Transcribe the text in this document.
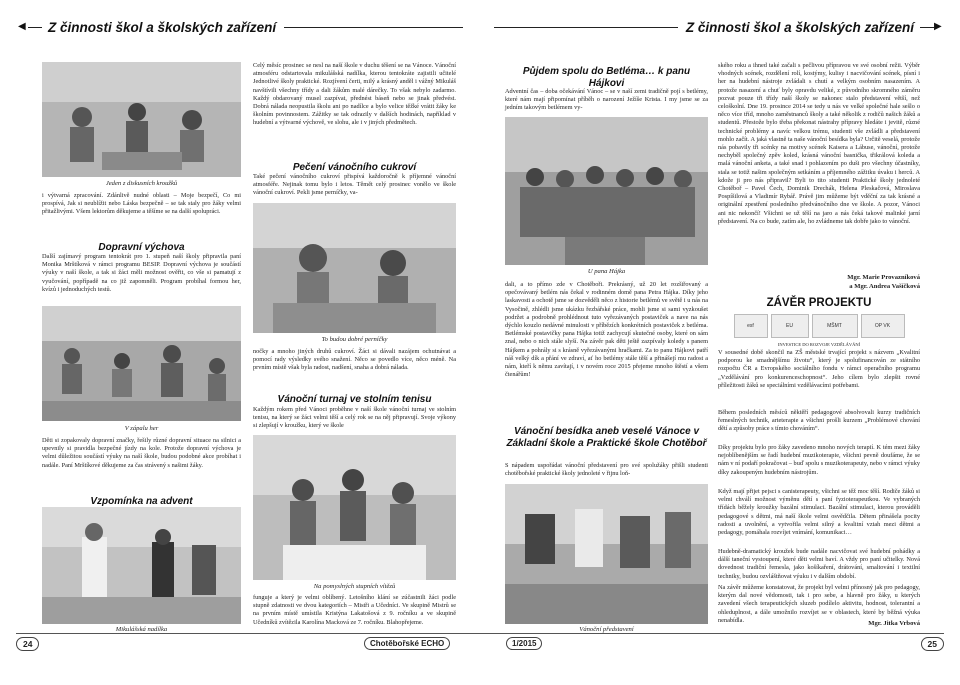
◀ Z činnosti škol a školských zařízení	Z činnosti škol a školských zařízení ▶
Jeden z diskusních kroužků
i výtvarná zpracování. Zdánlivě nudné oblasti – Moje bezpečí, Co mi prospívá, Jak si neublížit nebo Láska bezpečně – se tak staly pro žáky velmi přitažlivými. Všem lektorům děkujeme a těšíme se na další spolupráci.
Dopravní výchova
Další zajímavý program tentokrát pro 1. stupeň naší školy připravila paní Monika Mrštíková v rámci programu BESIP. Dopravní výchova je součástí výuky v naší škole, a tak si žáci měli možnost ověřit, co vše si pamatují z vyučování, popřípadě na co již zapomněli. Program probíhal formou her, kvízů i jednoduchých testů.
V zápalu her
Děti si zopakovaly dopravní značky, řešily různé dopravní situace na silnici a upevnily si pravidla bezpečné jízdy na kole. Protože dopravní výchova je velmi důležitou součástí výuky na naší škole, budou podobné akce probíhat i nadále. Paní Mrštíkové děkujeme za čas strávený s našimi žáky.
Vzpomínka na advent
Mikulášská nadílka
Celý měsíc prosinec se nesl na naší škole v duchu těšení se na Vánoce. Vánoční atmosféru odstartovala mikulášská nadílka, kterou tentokráte zajistili učitelé Jednotlivé školy praktické. Rozjívení čerti, milý a krásný anděl i vážný Mikuláš navštívili všechny třídy a dali žákům malé dárečky. To však nebylo zadarmo. Každý obdarovaný musel zazpívat, přednést báseň nebo se jinak předvést. Dobrá nálada neopustila školu ani po nadílce a bylo velice těžké vrátit žáky ke školním povinnostem. Zážitky se tak odrazily v dalších hodinách, například v hudební a výtvarné výchově, ve slohu, ale i v jiných předmětech.
Pečení vánočního cukroví
Také pečení vánočního cukroví přispívá každoročně k příjemné vánoční atmosféře. Nejinak tomu bylo i letos. Těmět celý prosinec vonělo ve škole vánoční cukroví. Pekli jsme perníčky, va-
To budou dobré perníčky
nočky a mnoho jiných druhů cukroví. Žáci si dávali nazájem ochutnávat a pomocí rady výsledky svého snažení. Něco se povedlo více, něco méně. Na prvním místě však byla radost, nadšení, snaha a dobrá nálada.
Vánoční turnaj ve stolním tenisu
Každým rokem před Vánoci proběhne v naší škole vánoční turnaj ve stolním tenisu, na který se žáci velmi těší a celý rok se na něj připravují. Svoje výkony si zlepšují v kroužku, který ve škole
Na pomyslných stupních vítězů
funguje a který je velmi oblíbený. Letošního klání se zúčastnili žáci podle stupně zdatnosti ve dvou kategoriích – Mistři a Učedníci. Ve skupině Mistrů se na prvním místě umístila Kristýna Lakatošová z 9. ročníku a ve skupině Učedníků zvítězila Karolína Macková ze 7. ročníku. Blahopřejeme.
Půjdem spolu do Betléma… k panu Hájkovi
Adventní čas – doba očekávání Vánoc – se v naší zemi tradičně pojí s betlémy, které nám mají připomínat příběh o narození Ježíše Krista. I my jsme se za jedním takovým betlémem vy-
U pana Hájka
dali, a to přímo zde v Chotěboři. Prekrásný, už 20 let rozšiřovaný a opečovávaný betlém nás čekal v rodinném domě pana Petra Hájka. Díky jeho laskavosti a ochotě jsme se dozvěděli něco z historie betlémů ve světě i u nás na Vysočině, zhlédli jsme ukázku řezbářské práce, mohli jsme si sami vyzkoušet podržet a podrobně prohlédnout tuto vyřezávaných postaviček a nave na nás dýchlo kouzlo nedávné minulosti v příbězích konkrétních postaviček z betléma. Betlémské postavičky pana Hájka totiž zachycují skutečné osoby, které on sám znal, nebo o nich stále slyší. Na závěr pak děti ještě zazpívaly koledy s panem Hájkem a pohrály si s krásně vyřezávanými hračkami. Za to panu Hájkovi patří náš velký dík a přání ve zdraví, ať ho betlémy stále těší a přinášejí mu radost a nám, kteří k němu zavítají, i v novém roce 2015 přejeme mnoho štěstí a všem čtenářům!
Vánoční besídka aneb veselé Vánoce v Základní škole a Praktické škole Chotěboř
S nápadem uspořádat vánoční představení pro své spolužáky přišli studenti chotěbořské praktické školy jednoleté v řijnu loň-
Vánoční představení
ského roku a ihned také začali s pečlivou přípravou ve své osobní režii. Výběr vhodných scének, rozdělení rolí, kostýmy, kulisy i nacvičování scének, písní i her na hudební nástroje zvládali s chutí a velkým osobním nasazením. A protože nasazení a chuť byly opravdu veliké, z původního skromného záměru pozvat pouze tři třídy naší školy se nakonec stalo představení větší, než celoškolní. Dne 19. prosince 2014 se tedy u nás ve velké společné hale sešlo o něco více tříd, mnoho zaměstnanců školy a také několik z rodičů našich žáků a studentů. Přestože bylo třeba překonat nástrahy přípravy hledáte i jevitě, různé technické problémy a navíc velkou trému, studenti vše zvládli a představení mohlo začít. A jaká vlastně ta naše vánoční besídka byla? Určitě veselá, protože nás pobavily tři scénky na motivy scének Kaisera a Lábuse, vánoční, protože nechyběl společný zpěv koled, krásná vánoční basnička, třikrálová koleda a malá vánoční anketa, a také snad i pohlazením po duši pro všechny účastníky, stala se totiž našim společným setkáním a příjemného zážitku úvaku i herců. A kdože ji pro nás připravil? Byli to tito studenti Praktické školy jednoleté Chotěboř – Pavel Čech, Dominik Drechák, Helena Pleskačová, Miroslava Pospíšilová a Vladimír Rybář. Právě jim můžeme být vděční za tak krásné a originální zpestření posledního předvánočního dne ve škole. A pozor, Vánoci ani nic nekončí! Všichni se už těší na jaro a nás čeká takové malinké jarní představení. Na co bude, zatím ale, ho zvládneme tak dobře jako to vánoční.
Mgr. Marie Provazníková
a Mgr. Andrea Vašíčková
ZÁVĚR PROJEKTU
esf	EU	MŠMT	OP VK
INVESTICE DO ROZVOJE VZDĚLÁVÁNÍ
V sousedné době skončil na ZŠ městské trvající projekt s názvem „Kvalitní podporou ke smadnějšímu životu“, který je spolufinancován ze státního rozpočtu ČR a Evropského sociálního fondu v rámci operačního programu „Vzdělávání pro konkurenceschopnost“. Jeho cílem bylo zlepšit rovné příležitosti žáků se speciálními vzdělávacími potřebami.
Během posledních měsíců něktěří pedagogové absolvovali kurzy tradičních řemeslných technik, arteterapie a všichni prošli kurzem „Problémové chování dětí a způsoby práce s tímto chováním“.
Díky projektu bylo pro žáky zavedeno mnoho nových terapií. K tém mezi žáky nejoblíbenějším se řadí hudební muzikoterapie, všichni pevně doufáme, že se nám v ní podaří pokračovat – buď spolu s muzikoterapeuty, nebo v rámci výuky díky zakoupeným hudebním nástrojům.
Když mají přijet pejsci s canisterapeuty, všichni se těž moc těší. Rodiče žáků si velmi chválí možnost výměnu dětí s paní fyzioterapeutkou. Ve vybraných třídách běžely kroužky bazální stimulaci. Bazální stimulaci, kterou prováděli pedagogové s dětmi, má naší škole velmi osvědčila. Dětem přinášela pocity radosti a uvolnění, a vytvořila velmi silný a kvalitní vztah mezi dětmi a pedagogy, pomáhala rozvíjet vnímání, komunikaci…
Hudebně-dramatický kroužek bude nadále nacvičovat své hudební pohádky a dálší taneční vystoupení, které děti velmi baví. A vždy pro paní učitelky. Nová dovednost tradiční řemesla, jako košíkaření, drátování, smaltování i textilní techniky, budou ozvláštňovat výuku i v dalším období.
Na závěr můžeme konstatovat, že projekt byl velmi přínosný jak pro pedagogy, kterým dal nové vědomosti, tak i pro sebe, a hlavně pro žáky, u kterých zavedení všech terapeutických sluzeb podílelo aktivitu, hodnost, tolerantní a ohleduplnost, a dále umožnilo rozvíjet se v oblastech, které by běžná výuka nenabídla.	Mgr. Jitka Vrbová
24	Chotěbořské ECHO	1/2015	25
